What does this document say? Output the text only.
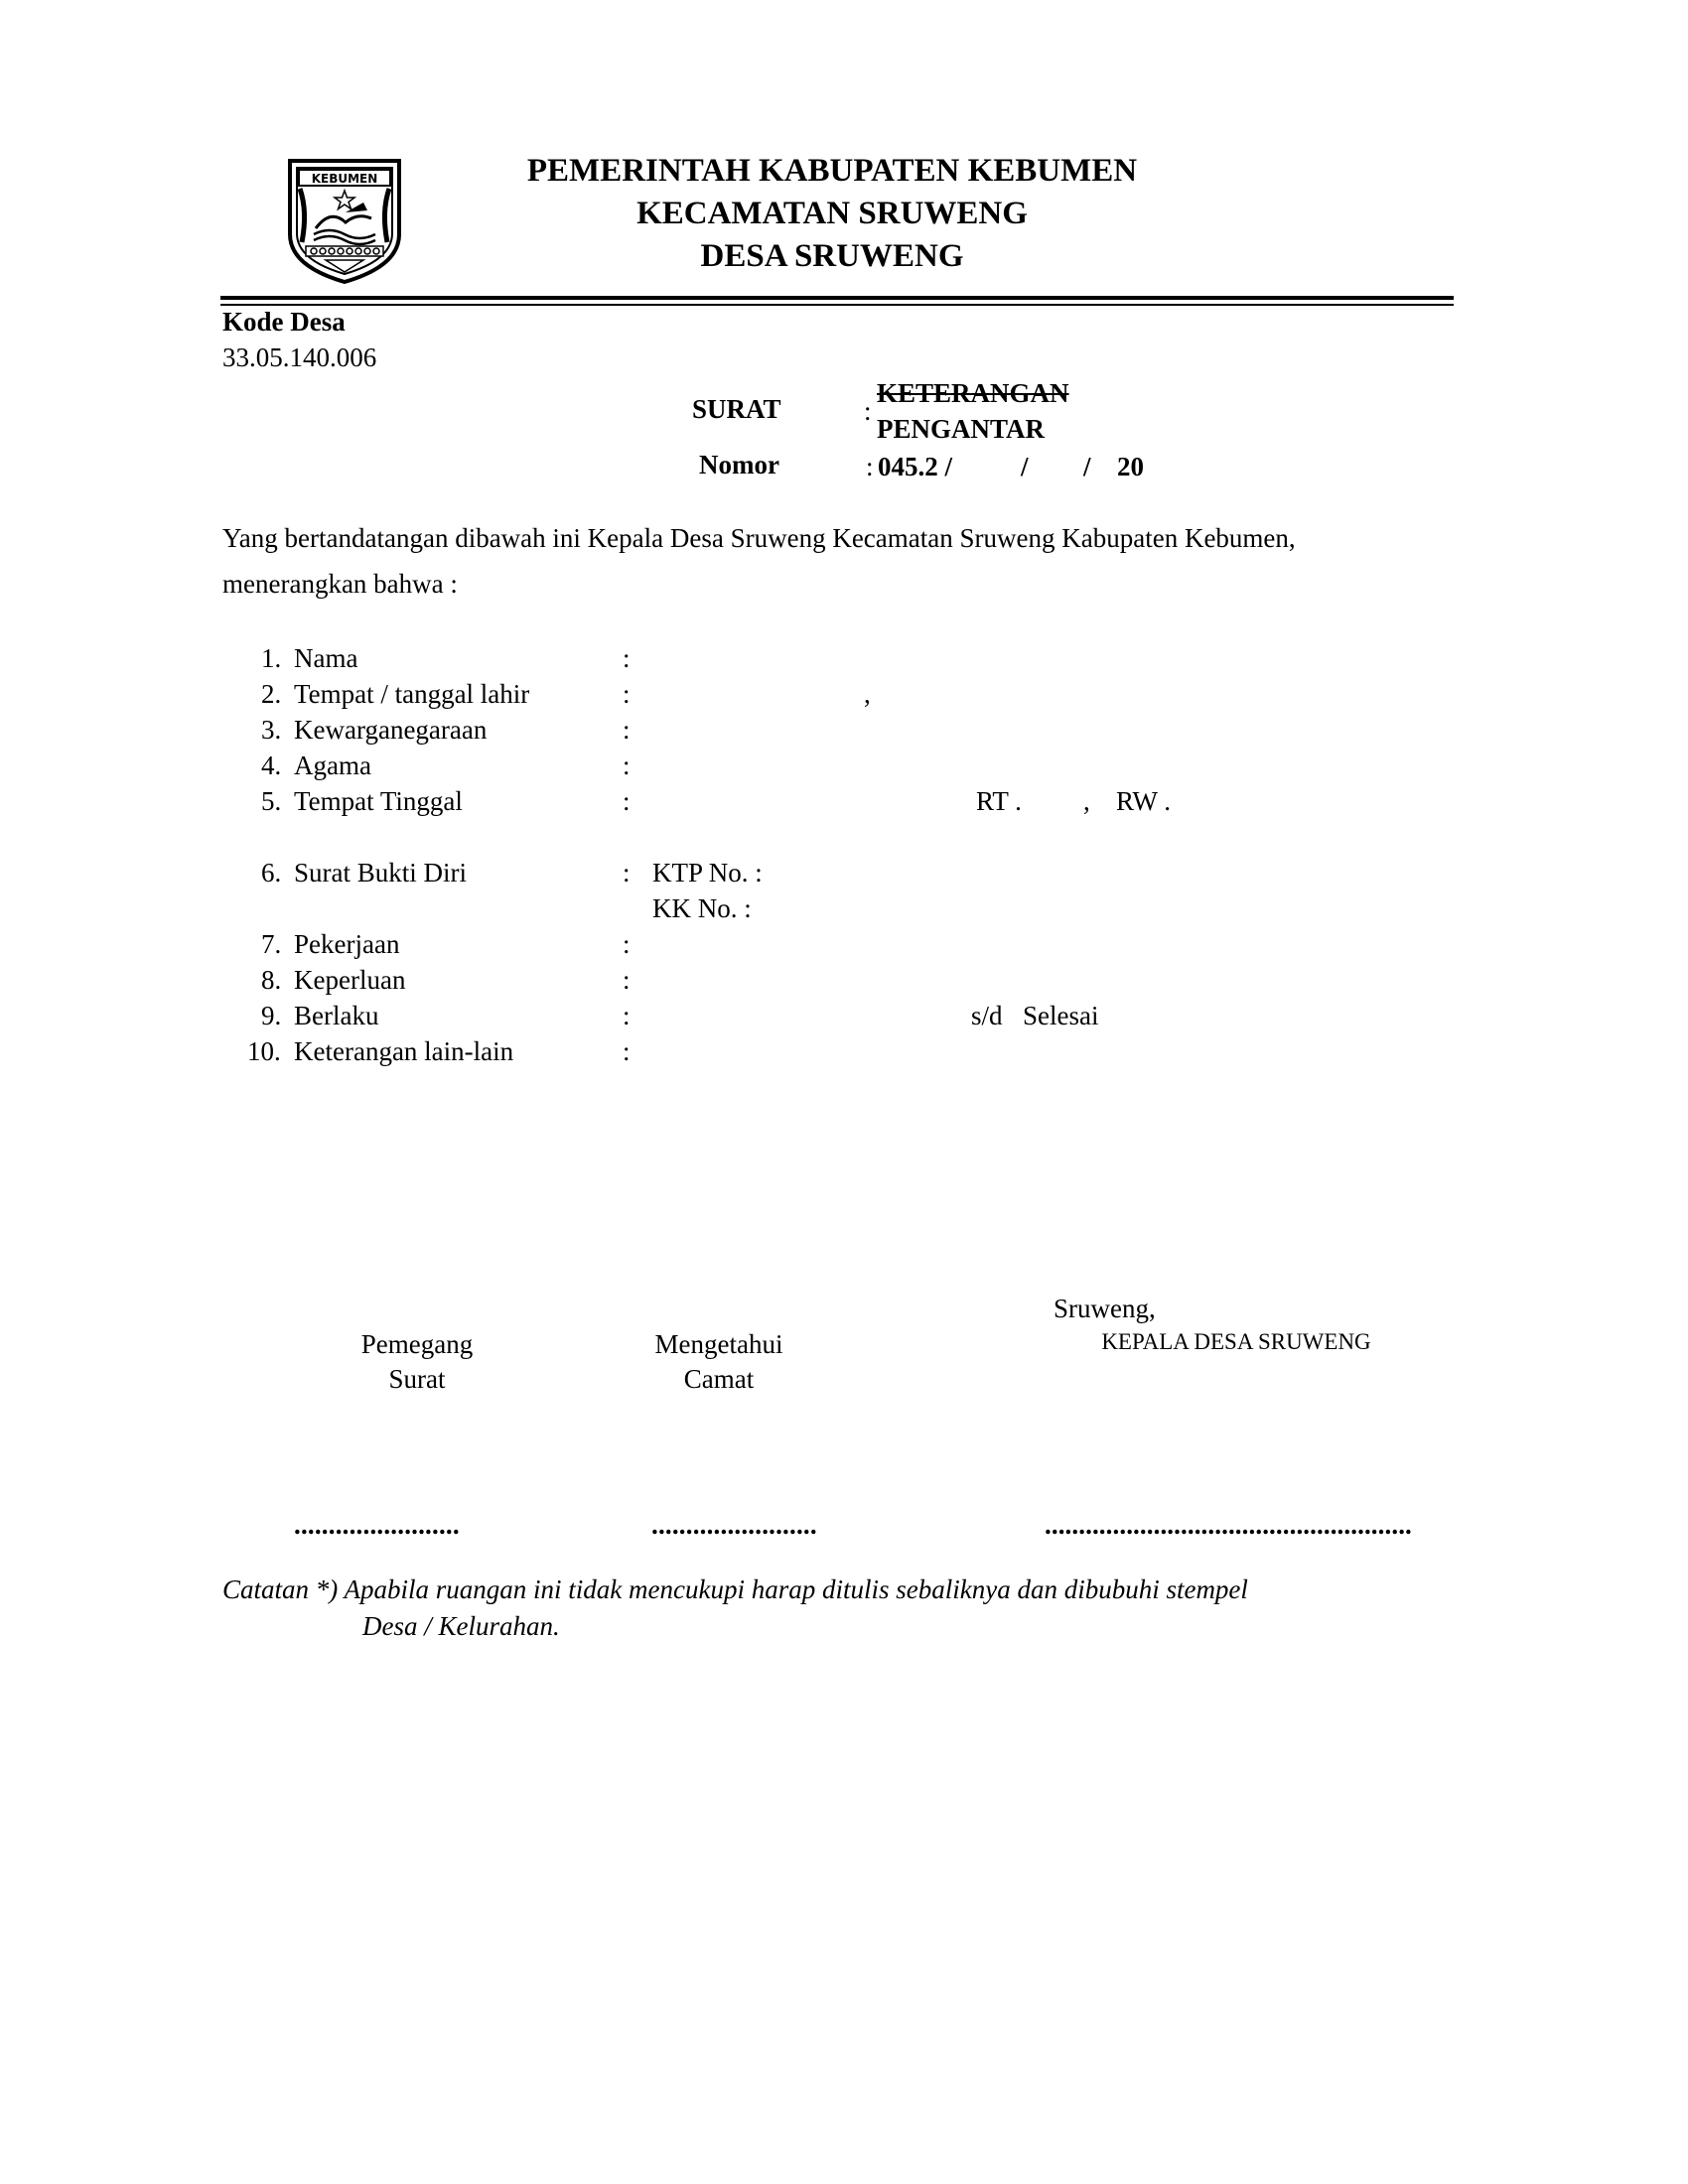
KEBUMEN	PEMERINTAH KABUPATEN KEBUMEN
KECAMATAN SRUWENG
DESA SRUWENG
Kode Desa
33.05.140.006
SURAT	:
KETERANGAN
PENGANTAR
Nomor	: 045.2 /	/ / 20
Yang bertandatangan dibawah ini Kepala Desa Sruweng Kecamatan Sruweng Kabupaten Kebumen,
menerangkan bahwa :
1. Nama	:
2. Tempat / tanggal lahir	:	,
3. Kewarganegaraan	:
4. Agama	:
5. Tempat Tinggal	:	RT . , RW .
6. Surat Bukti Diri	: KTP No. :
KK No. :
7. Pekerjaan	:
8. Keperluan	:
9. Berlaku	:	s/d Selesai
10. Keterangan lain-lain	:
Sruweng,
KEPALA DESA SRUWENG
Pemegang
Surat
Mengetahui
Camat
........................	........................	......................................................
Catatan *) Apabila ruangan ini tidak mencukupi harap ditulis sebaliknya dan dibubuhi stempel
Desa / Kelurahan.
